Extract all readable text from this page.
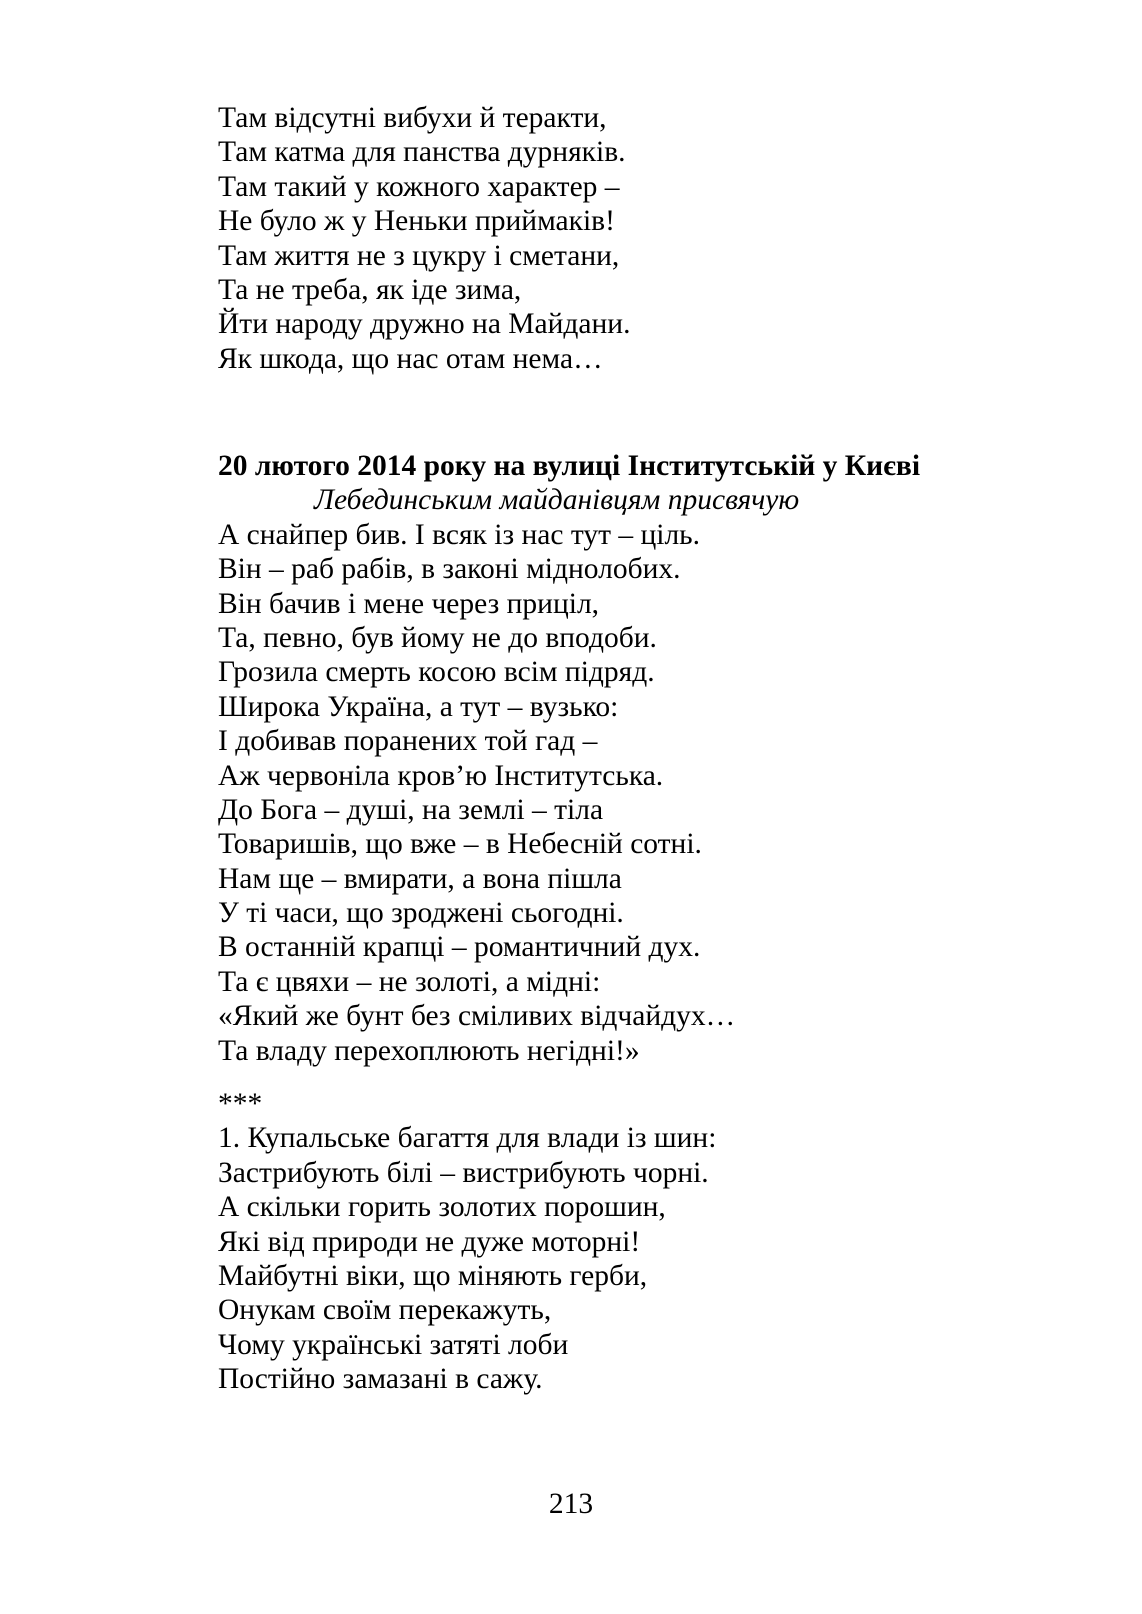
Там відсутні вибухи й теракти,
Там катма для панства дурняків.
Там такий у кожного характер –
Не було ж у Неньки приймаків!
Там життя не з цукру і сметани,
Та не треба, як іде зима,
Йти народу дружно на Майдани.
Як шкода, що нас отам нема…
20 лютого 2014 року на вулиці Інститутській у Києві
Лебединським майданівцям присвячую
А снайпер бив. І всяк із нас тут – ціль.
Він – раб рабів, в законі міднолобих.
Він бачив і мене через приціл,
Та, певно, був йому не до вподоби.
Грозила смерть косою всім підряд.
Широка Україна, а тут – вузько:
І добивав поранених той гад –
Аж червоніла кров’ю Інститутська.
До Бога – душі, на землі – тіла
Товаришів, що вже – в Небесній сотні.
Нам ще – вмирати, а вона пішла
У ті часи, що зроджені сьогодні.
В останній крапці – романтичний дух.
Та є цвяхи – не золоті, а мідні:
«Який же бунт без сміливих відчайдух…
Та владу перехоплюють негідні!»
***
1. Купальське багаття для влади із шин:
Застрибують білі – вистрибують чорні.
А скільки горить золотих порошин,
Які від природи не дуже моторні!
Майбутні віки, що міняють герби,
Онукам своїм перекажуть,
Чому українські затяті лоби
Постійно замазані в сажу.
213
